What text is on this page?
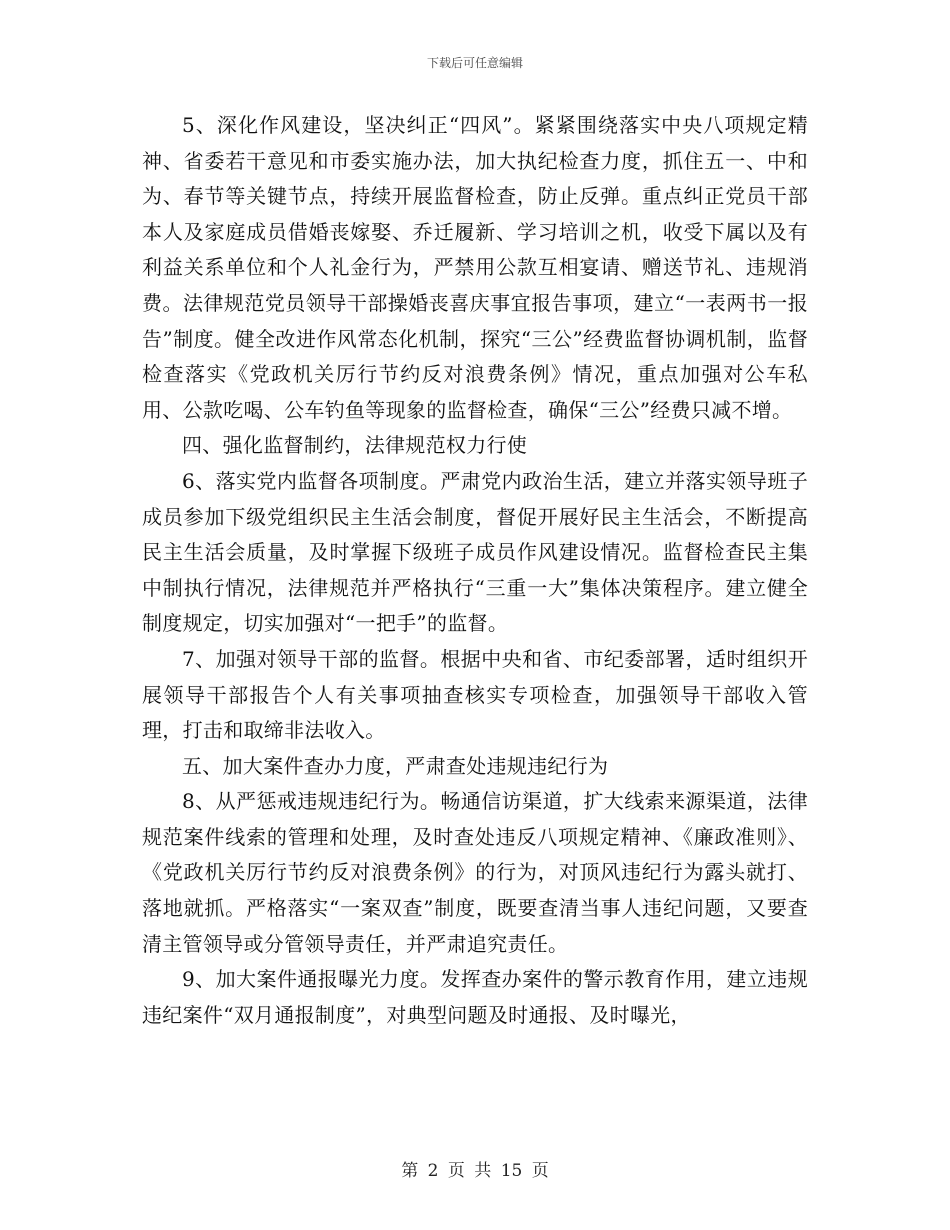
下载后可任意编辑

5、深化作风建设，坚决纠正“四风”。紧紧围绕落实中央八项规定精神、省委若干意见和市委实施办法，加大执纪检查力度，抓住五一、中和为、春节等关键节点，持续开展监督检查，防止反弹。重点纠正党员干部本人及家庭成员借婚丧嫁娶、乔迁履新、学习培训之机，收受下属以及有利益关系单位和个人礼金行为，严禁用公款互相宴请、赠送节礼、违规消费。法律规范党员领导干部操婚丧喜庆事宜报告事项，建立“一表两书一报告”制度。健全改进作风常态化机制，探究“三公”经费监督协调机制，监督检查落实《党政机关厉行节约反对浪费条例》情况，重点加强对公车私用、公款吃喝、公车钓鱼等现象的监督检查，确保“三公”经费只减不增。

四、强化监督制约，法律规范权力行使

6、落实党内监督各项制度。严肃党内政治生活，建立并落实领导班子成员参加下级党组织民主生活会制度，督促开展好民主生活会，不断提高民主生活会质量，及时掌握下级班子成员作风建设情况。监督检查民主集中制执行情况，法律规范并严格执行“三重一大”集体决策程序。建立健全制度规定，切实加强对“一把手”的监督。

7、加强对领导干部的监督。根据中央和省、市纪委部署，适时组织开展领导干部报告个人有关事项抽查核实专项检查，加强领导干部收入管理，打击和取缔非法收入。

五、加大案件查办力度，严肃查处违规违纪行为

8、从严惩戒违规违纪行为。畅通信访渠道，扩大线索来源渠道，法律规范案件线索的管理和处理，及时查处违反八项规定精神、《廉政准则》、《党政机关厉行节约反对浪费条例》的行为，对顶风违纪行为露头就打、落地就抓。严格落实“一案双查”制度，既要查清当事人违纪问题，又要查清主管领导或分管领导责任，并严肃追究责任。

9、加大案件通报曝光力度。发挥查办案件的警示教育作用，建立违规违纪案件“双月通报制度”，对典型问题及时通报、及时曝光，

第 2 页 共 15 页
